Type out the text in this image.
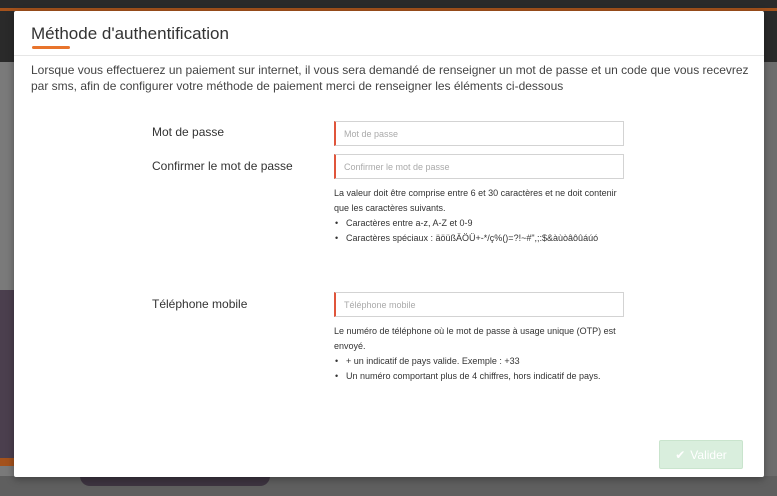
Méthode d'authentification
Lorsque vous effectuerez un paiement sur internet, il vous sera demandé de renseigner un mot de passe et un code que vous recevrez par sms, afin de configurer votre méthode de paiement merci de renseigner les éléments ci-dessous
Mot de passe
Confirmer le mot de passe

La valeur doit être comprise entre 6 et 30 caractères et ne doit contenir que les caractères suivants.

• Caractères entre a-z, A-Z et 0-9
• Caractères spéciaux : äöüßÄÖÜ+-*/ç%()=?!~#",;:$&àùòâôûáúó
Téléphone mobile
Téléphone mobile

Le numéro de téléphone où le mot de passe à usage unique (OTP) est envoyé.

• + un indicatif de pays valide. Exemple : +33
• Un numéro comportant plus de 4 chiffres, hors indicatif de pays.
✔ Valider
